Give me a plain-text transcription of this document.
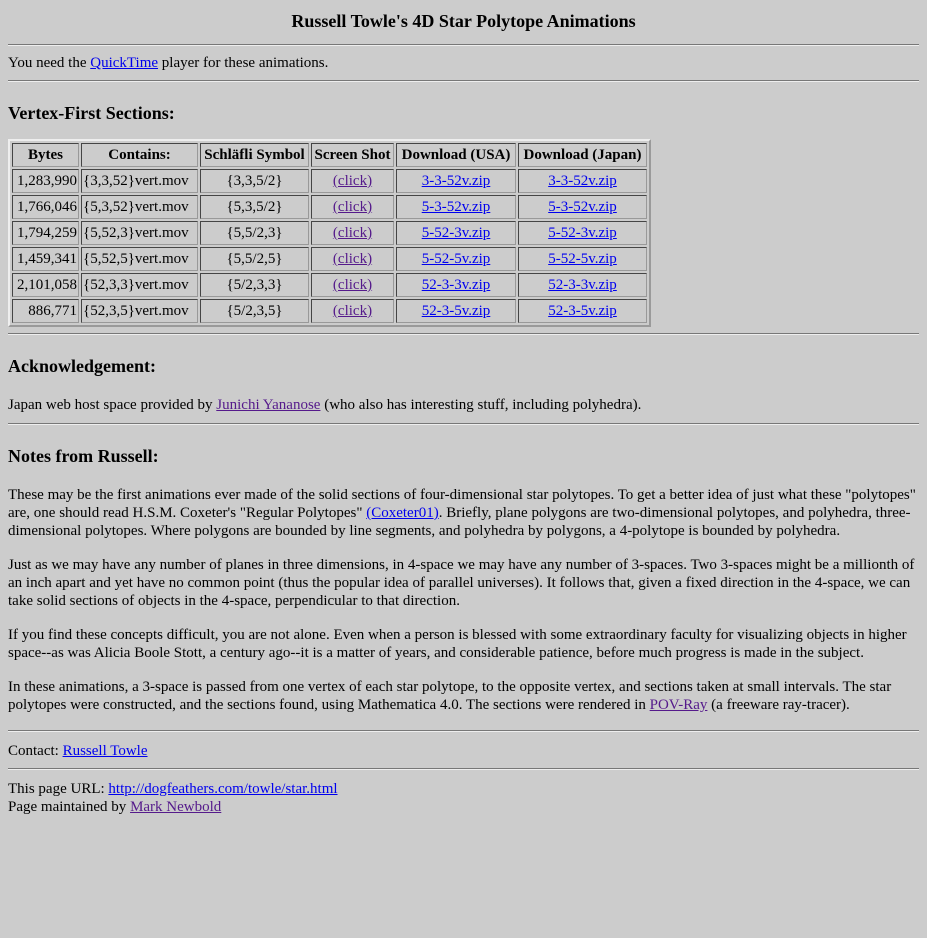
Russell Towle's 4D Star Polytope Animations

You need the QuickTime player for these animations.

Vertex-First Sections:
Bytes	Contains:	Schläfli Symbol	Screen Shot	Download (USA)	Download (Japan)
1,283,990	{3,3,52}vert.mov	{3,3,5/2}	(click)	3-3-52v.zip	3-3-52v.zip
1,766,046	{5,3,52}vert.mov	{5,3,5/2}	(click)	5-3-52v.zip	5-3-52v.zip
1,794,259	{5,52,3}vert.mov	{5,5/2,3}	(click)	5-52-3v.zip	5-52-3v.zip
1,459,341	{5,52,5}vert.mov	{5,5/2,5}	(click)	5-52-5v.zip	5-52-5v.zip
2,101,058	{52,3,3}vert.mov	{5/2,3,3}	(click)	52-3-3v.zip	52-3-3v.zip
886,771	{52,3,5}vert.mov	{5/2,3,5}	(click)	52-3-5v.zip	52-3-5v.zip
Acknowledgement:

Japan web host space provided by Junichi Yananose (who also has interesting stuff, including polyhedra).

Notes from Russell:

These may be the first animations ever made of the solid sections of four-dimensional star polytopes. To get a better idea of just what these "polytopes" are, one should read H.S.M. Coxeter's "Regular Polytopes" (Coxeter01). Briefly, plane polygons are two-dimensional polytopes, and polyhedra, three-dimensional polytopes. Where polygons are bounded by line segments, and polyhedra by polygons, a 4-polytope is bounded by polyhedra.

Just as we may have any number of planes in three dimensions, in 4-space we may have any number of 3-spaces. Two 3-spaces might be a millionth of an inch apart and yet have no common point (thus the popular idea of parallel universes). It follows that, given a fixed direction in the 4-space, we can take solid sections of objects in the 4-space, perpendicular to that direction.

If you find these concepts difficult, you are not alone. Even when a person is blessed with some extraordinary faculty for visualizing objects in higher space--as was Alicia Boole Stott, a century ago--it is a matter of years, and considerable patience, before much progress is made in the subject.

In these animations, a 3-space is passed from one vertex of each star polytope, to the opposite vertex, and sections taken at small intervals. The star polytopes were constructed, and the sections found, using Mathematica 4.0. The sections were rendered in POV-Ray (a freeware ray-tracer).

Contact: Russell Towle

This page URL: http://dogfeathers.com/towle/star.html

Page maintained by Mark Newbold
